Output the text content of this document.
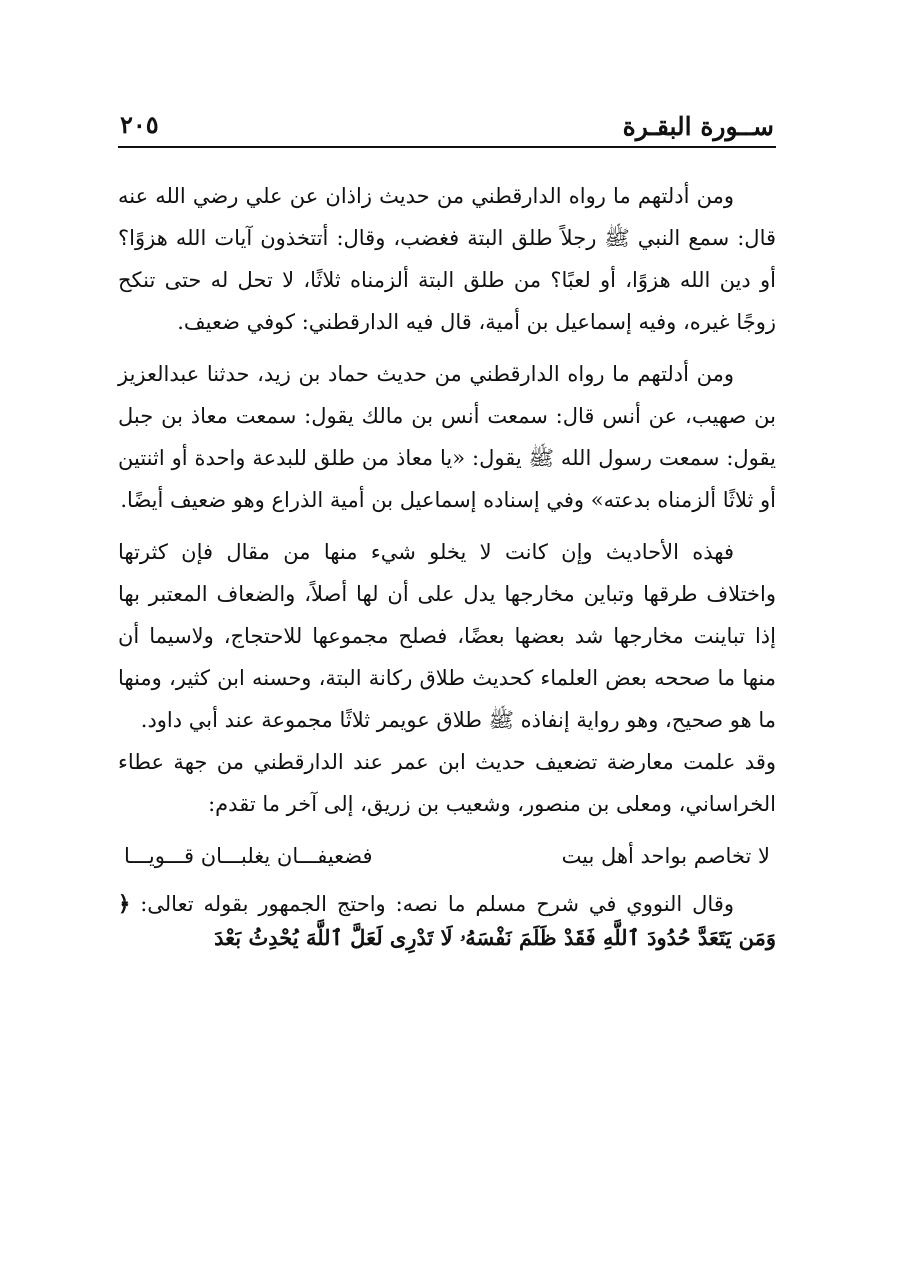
ســورة البقـرة
٢٠٥

ومن أدلتهم ما رواه الدارقطني من حديث زاذان عن علي رضي الله عنه قال: سمع النبي ﷺ رجلاً طلق البتة فغضب، وقال: أتتخذون آيات الله هزوًا؟ أو دين الله هزوًا، أو لعبًا؟ من طلق البتة ألزمناه ثلاثًا، لا تحل له حتى تنكح زوجًا غيره، وفيه إسماعيل بن أمية، قال فيه الدارقطني: كوفي ضعيف.

ومن أدلتهم ما رواه الدارقطني من حديث حماد بن زيد، حدثنا عبدالعزيز بن صهيب، عن أنس قال: سمعت أنس بن مالك يقول: سمعت معاذ بن جبل يقول: سمعت رسول الله ﷺ يقول: «يا معاذ من طلق للبدعة واحدة أو اثنتين أو ثلاثًا ألزمناه بدعته» وفي إسناده إسماعيل بن أمية الذراع وهو ضعيف أيضًا.

فهذه الأحاديث وإن كانت لا يخلو شيء منها من مقال فإن كثرتها واختلاف طرقها وتباين مخارجها يدل على أن لها أصلاً، والضعاف المعتبر بها إذا تباينت مخارجها شد بعضها بعضًا، فصلح مجموعها للاحتجاج، ولاسيما أن منها ما صححه بعض العلماء كحديث طلاق ركانة البتة، وحسنه ابن كثير، ومنها ما هو صحيح، وهو رواية إنفاذه ﷺ طلاق عويمر ثلاثًا مجموعة عند أبي داود.

وقد علمت معارضة تضعيف حديث ابن عمر عند الدارقطني من جهة عطاء الخراساني، ومعلى بن منصور، وشعيب بن زريق، إلى آخر ما تقدم:

لا تخاصم بواحد أهل بيت
فضعيفـــان يغلبـــان قـــويـــا

وقال النووي في شرح مسلم ما نصه: واحتج الجمهور بقوله تعالى: ﴿ وَمَن يَتَعَدَّ حُدُودَ ٱللَّهِ فَقَدْ ظَلَمَ نَفْسَهُۥ لَا تَدْرِى لَعَلَّ ٱللَّهَ يُحْدِثُ بَعْدَ
